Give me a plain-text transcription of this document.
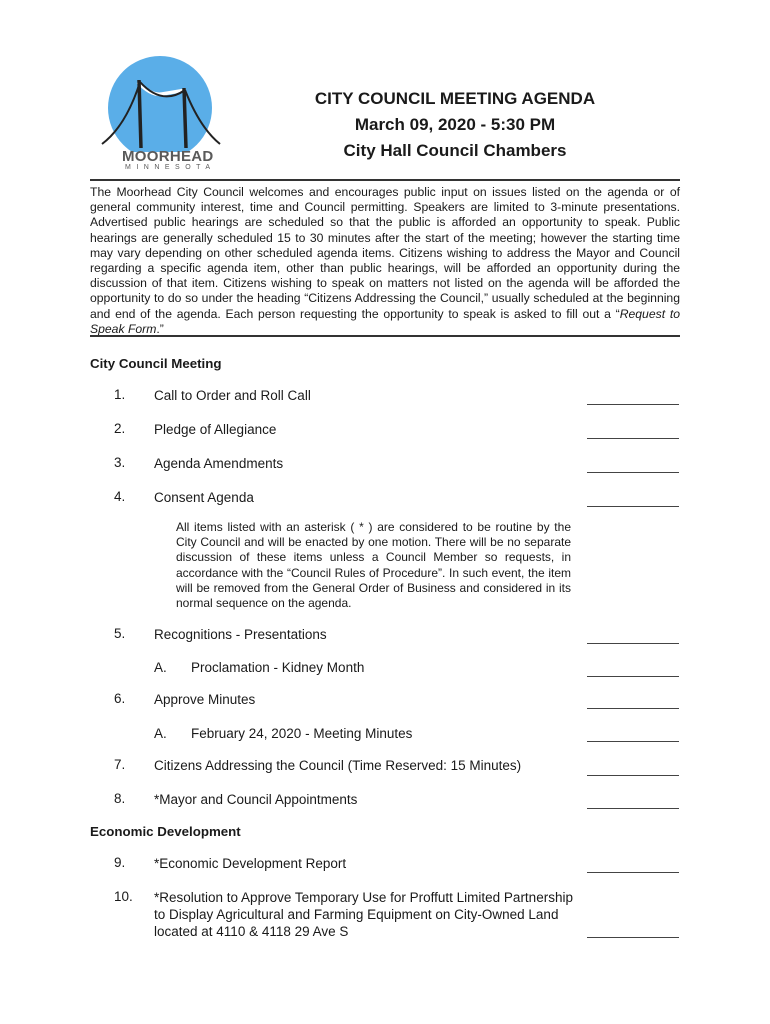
MOORHEAD
MINNESOTA
CITY COUNCIL MEETING AGENDA
March 09, 2020 - 5:30 PM
City Hall Council Chambers
The Moorhead City Council welcomes and encourages public input on issues listed on the agenda or of general community interest, time and Council permitting. Speakers are limited to 3-minute presentations. Advertised public hearings are scheduled so that the public is afforded an opportunity to speak. Public hearings are generally scheduled 15 to 30 minutes after the start of the meeting; however the starting time may vary depending on other scheduled agenda items. Citizens wishing to address the Mayor and Council regarding a specific agenda item, other than public hearings, will be afforded an opportunity during the discussion of that item. Citizens wishing to speak on matters not listed on the agenda will be afforded the opportunity to do so under the heading “Citizens Addressing the Council,” usually scheduled at the beginning and end of the agenda. Each person requesting the opportunity to speak is asked to fill out a “Request to Speak Form.”
City Council Meeting
1. Call to Order and Roll Call
2. Pledge of Allegiance
3. Agenda Amendments
4. Consent Agenda
All items listed with an asterisk ( * ) are considered to be routine by the City Council and will be enacted by one motion. There will be no separate discussion of these items unless a Council Member so requests, in accordance with the “Council Rules of Procedure”. In such event, the item will be removed from the General Order of Business and considered in its normal sequence on the agenda.
5. Recognitions - Presentations
A. Proclamation - Kidney Month
6. Approve Minutes
A. February 24, 2020 - Meeting Minutes
7. Citizens Addressing the Council (Time Reserved: 15 Minutes)
8. *Mayor and Council Appointments
Economic Development
9. *Economic Development Report
10. *Resolution to Approve Temporary Use for Proffutt Limited Partnership to Display Agricultural and Farming Equipment on City-Owned Land located at 4110 & 4118 29 Ave S
